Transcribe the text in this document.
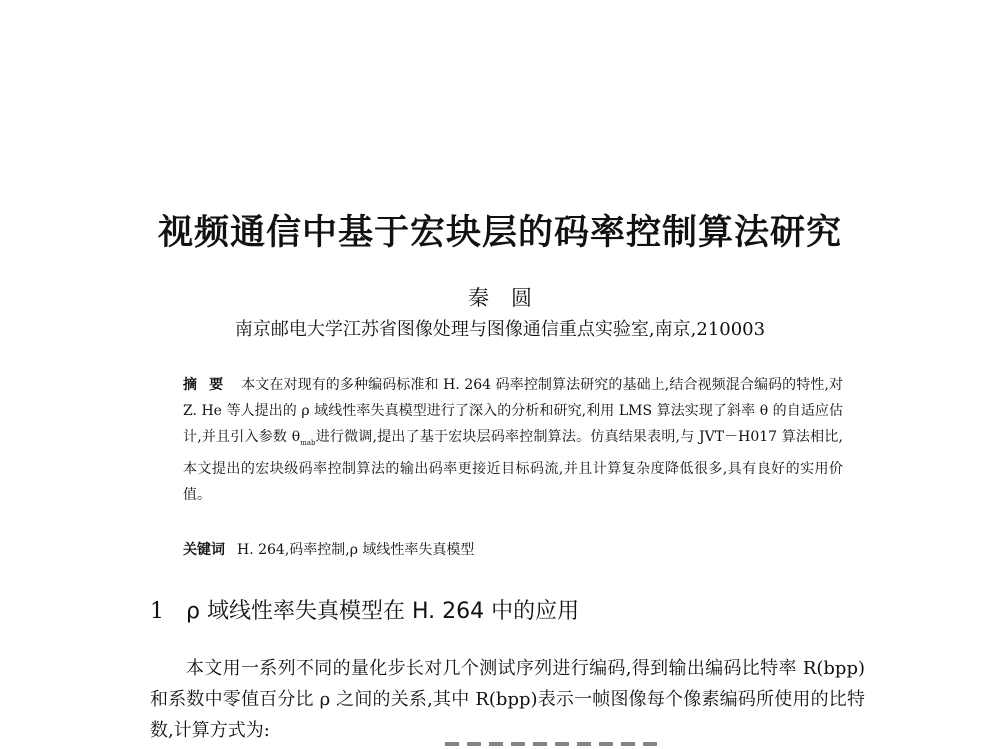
视频通信中基于宏块层的码率控制算法研究
秦圆
南京邮电大学江苏省图像处理与图像通信重点实验室,南京,210003
摘要 本文在对现有的多种编码标准和 H. 264 码率控制算法研究的基础上,结合视频混合编码的特性,对 Z. He 等人提出的 ρ 域线性率失真模型进行了深入的分析和研究,利用 LMS 算法实现了斜率 θ 的自适应估计,并且引入参数 $\theta_{mab}$进行微调,提出了基于宏块层码率控制算法。仿真结果表明,与 JVT－H017 算法相比,本文提出的宏块级码率控制算法的输出码率更接近目标码流,并且计算复杂度降低很多,具有良好的实用价值。
关键词 H. 264,码率控制,ρ 域线性率失真模型
1 ρ 域线性率失真模型在 H. 264 中的应用
本文用一系列不同的量化步长对几个测试序列进行编码,得到输出编码比特率 R(bpp)和系数中零值百分比 ρ 之间的关系,其中 R(bpp)表示一帧图像每个像素编码所使用的比特数,计算方式为:
